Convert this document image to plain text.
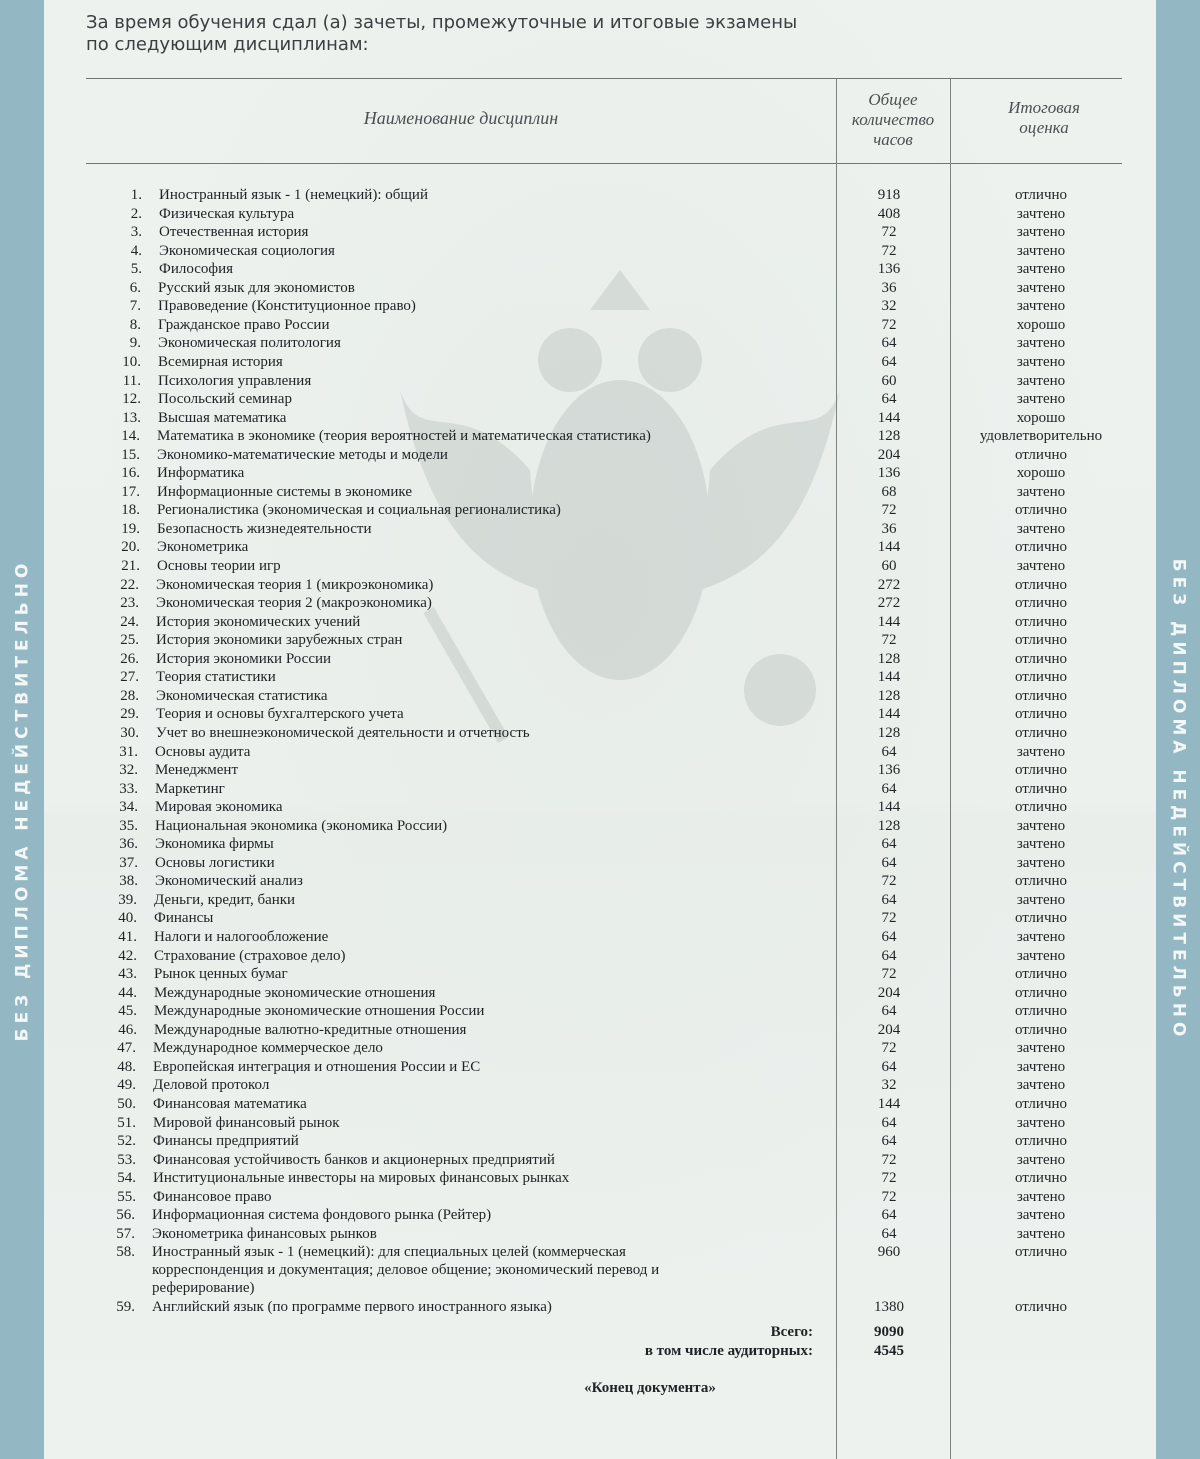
БЕЗ ДИПЛОМА НЕДЕЙСТВИТЕЛЬНО	БЕЗ ДИПЛОМА НЕДЕЙСТВИТЕЛЬНО
За время обучения сдал (а) зачеты, промежуточные и итоговые экзамены
по следующим дисциплинам:
Наименование дисциплин
Общее
количество
часов
Итоговая
оценка
1. Иностранный язык - 1 (немецкий): общий	918	отлично
2. Физическая культура	408	зачтено
3. Отечественная история	72	зачтено
4. Экономическая социология	72	зачтено
5. Философия	136	зачтено
6. Русский язык для экономистов	36	зачтено
7. Правоведение (Конституционное право)	32	зачтено
8. Гражданское право России	72	хорошо
9. Экономическая политология	64	зачтено
10. Всемирная история	64	зачтено
11. Психология управления	60	зачтено
12. Посольский семинар	64	зачтено
13. Высшая математика	144	хорошо
14. Математика в экономике (теория вероятностей и математическая статистика)	128	удовлетворительно
15. Экономико-математические методы и модели	204	отлично
16. Информатика	136	хорошо
17. Информационные системы в экономике	68	зачтено
18. Регионалистика (экономическая и социальная регионалистика)	72	отлично
19. Безопасность жизнедеятельности	36	зачтено
20. Эконометрика	144	отлично
21. Основы теории игр	60	зачтено
22. Экономическая теория 1 (микроэкономика)	272	отлично
23. Экономическая теория 2 (макроэкономика)	272	отлично
24. История экономических учений	144	отлично
25. История экономики зарубежных стран	72	отлично
26. История экономики России	128	отлично
27. Теория статистики	144	отлично
28. Экономическая статистика	128	отлично
29. Теория и основы бухгалтерского учета	144	отлично
30. Учет во внешнеэкономической деятельности и отчетность	128	отлично
31. Основы аудита	64	зачтено
32. Менеджмент	136	отлично
33. Маркетинг	64	отлично
34. Мировая экономика	144	отлично
35. Национальная экономика (экономика России)	128	зачтено
36. Экономика фирмы	64	зачтено
37. Основы логистики	64	зачтено
38. Экономический анализ	72	отлично
39. Деньги, кредит, банки	64	зачтено
40. Финансы	72	отлично
41. Налоги и налогообложение	64	зачтено
42. Страхование (страховое дело)	64	зачтено
43. Рынок ценных бумаг	72	отлично
44. Международные экономические отношения	204	отлично
45. Международные экономические отношения России	64	отлично
46. Международные валютно-кредитные отношения	204	отлично
47. Международное коммерческое дело	72	зачтено
48. Европейская интеграция и отношения России и ЕС	64	зачтено
49. Деловой протокол	32	зачтено
50. Финансовая математика	144	отлично
51. Мировой финансовый рынок	64	зачтено
52. Финансы предприятий	64	отлично
53. Финансовая устойчивость банков и акционерных предприятий	72	зачтено
54. Институциональные инвесторы на мировых финансовых рынках	72	отлично
55. Финансовое право	72	зачтено
56. Информационная система фондового рынка (Рейтер)	64	зачтено
57. Эконометрика финансовых рынков	64	зачтено
58. Иностранный язык - 1 (немецкий): для специальных целей (коммерческая
корреспонденция и документация; деловое общение; экономический перевод и
реферирование)
960	отлично
59. Английский язык (по программе первого иностранного языка)	1380	отлично
Всего:	9090
в том числе аудиторных:	4545
«Конец документа»
